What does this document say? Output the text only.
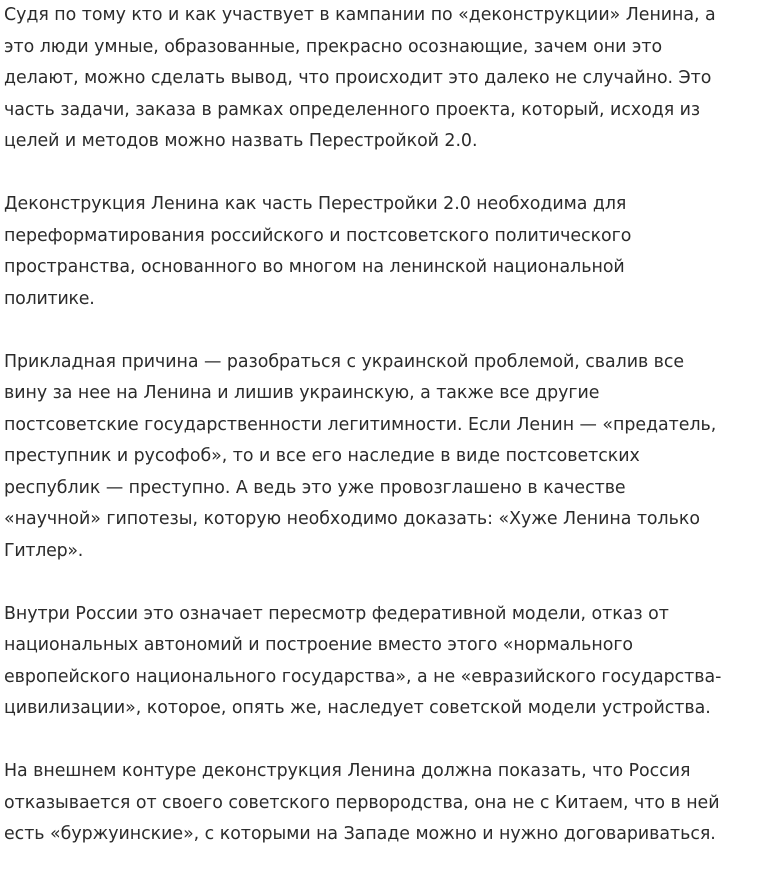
Судя по тому кто и как участвует в кампании по «деконструкции» Ленина, а
это люди умные, образованные, прекрасно осознающие, зачем они это
делают, можно сделать вывод, что происходит это далеко не случайно. Это
часть задачи, заказа в рамках определенного проекта, который, исходя из
целей и методов можно назвать Перестройкой 2.0.

Деконструкция Ленина как часть Перестройки 2.0 необходима для
переформатирования российского и постсоветского политического
пространства, основанного во многом на ленинской национальной
политике.

Прикладная причина — разобраться с украинской проблемой, свалив все
вину за нее на Ленина и лишив украинскую, а также все другие
постсоветские государственности легитимности. Если Ленин — «предатель,
преступник и русофоб», то и все его наследие в виде постсоветских
республик — преступно. А ведь это уже провозглашено в качестве
«научной» гипотезы, которую необходимо доказать: «Хуже Ленина только
Гитлер».

Внутри России это означает пересмотр федеративной модели, отказ от
национальных автономий и построение вместо этого «нормального
европейского национального государства», а не «евразийского государства-
цивилизации», которое, опять же, наследует советской модели устройства.

На внешнем контуре деконструкция Ленина должна показать, что Россия
отказывается от своего советского первородства, она не с Китаем, что в ней
есть «буржуинские», с которыми на Западе можно и нужно договариваться.
